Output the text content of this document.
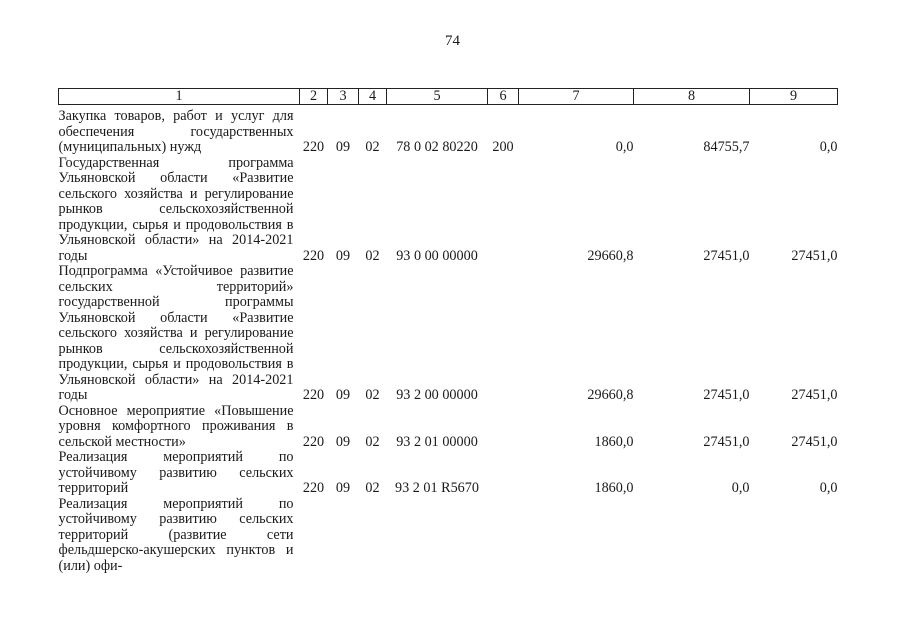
74
1	2	3	4	5	6	7	8	9
Закупка товаров, работ и услуг для обеспечения государственных (муниципальных) нужд	220	09	02	78 0 02 80220	200	0,0	84755,7	0,0
Государственная программа Ульяновской области «Развитие сельского хозяйства и регулирование рынков сельскохозяйственной продукции, сырья и продовольствия в Ульяновской области» на 2014-2021 годы	220	09	02	93 0 00 00000		29660,8	27451,0	27451,0
Подпрограмма «Устойчивое развитие сельских территорий» государственной программы Ульяновской области «Развитие сельского хозяйства и регулирование рынков сельскохозяйственной продукции, сырья и продовольствия в Ульяновской области» на 2014-2021 годы	220	09	02	93 2 00 00000		29660,8	27451,0	27451,0
Основное мероприятие «Повышение уровня комфортного проживания в сельской местности»	220	09	02	93 2 01 00000		1860,0	27451,0	27451,0
Реализация мероприятий по устойчивому развитию сельских территорий	220	09	02	93 2 01 R5670		1860,0	0,0	0,0
Реализация мероприятий по устойчивому развитию сельских территорий (развитие сети фельдшерско-акушерских пунктов и (или) офи-								
